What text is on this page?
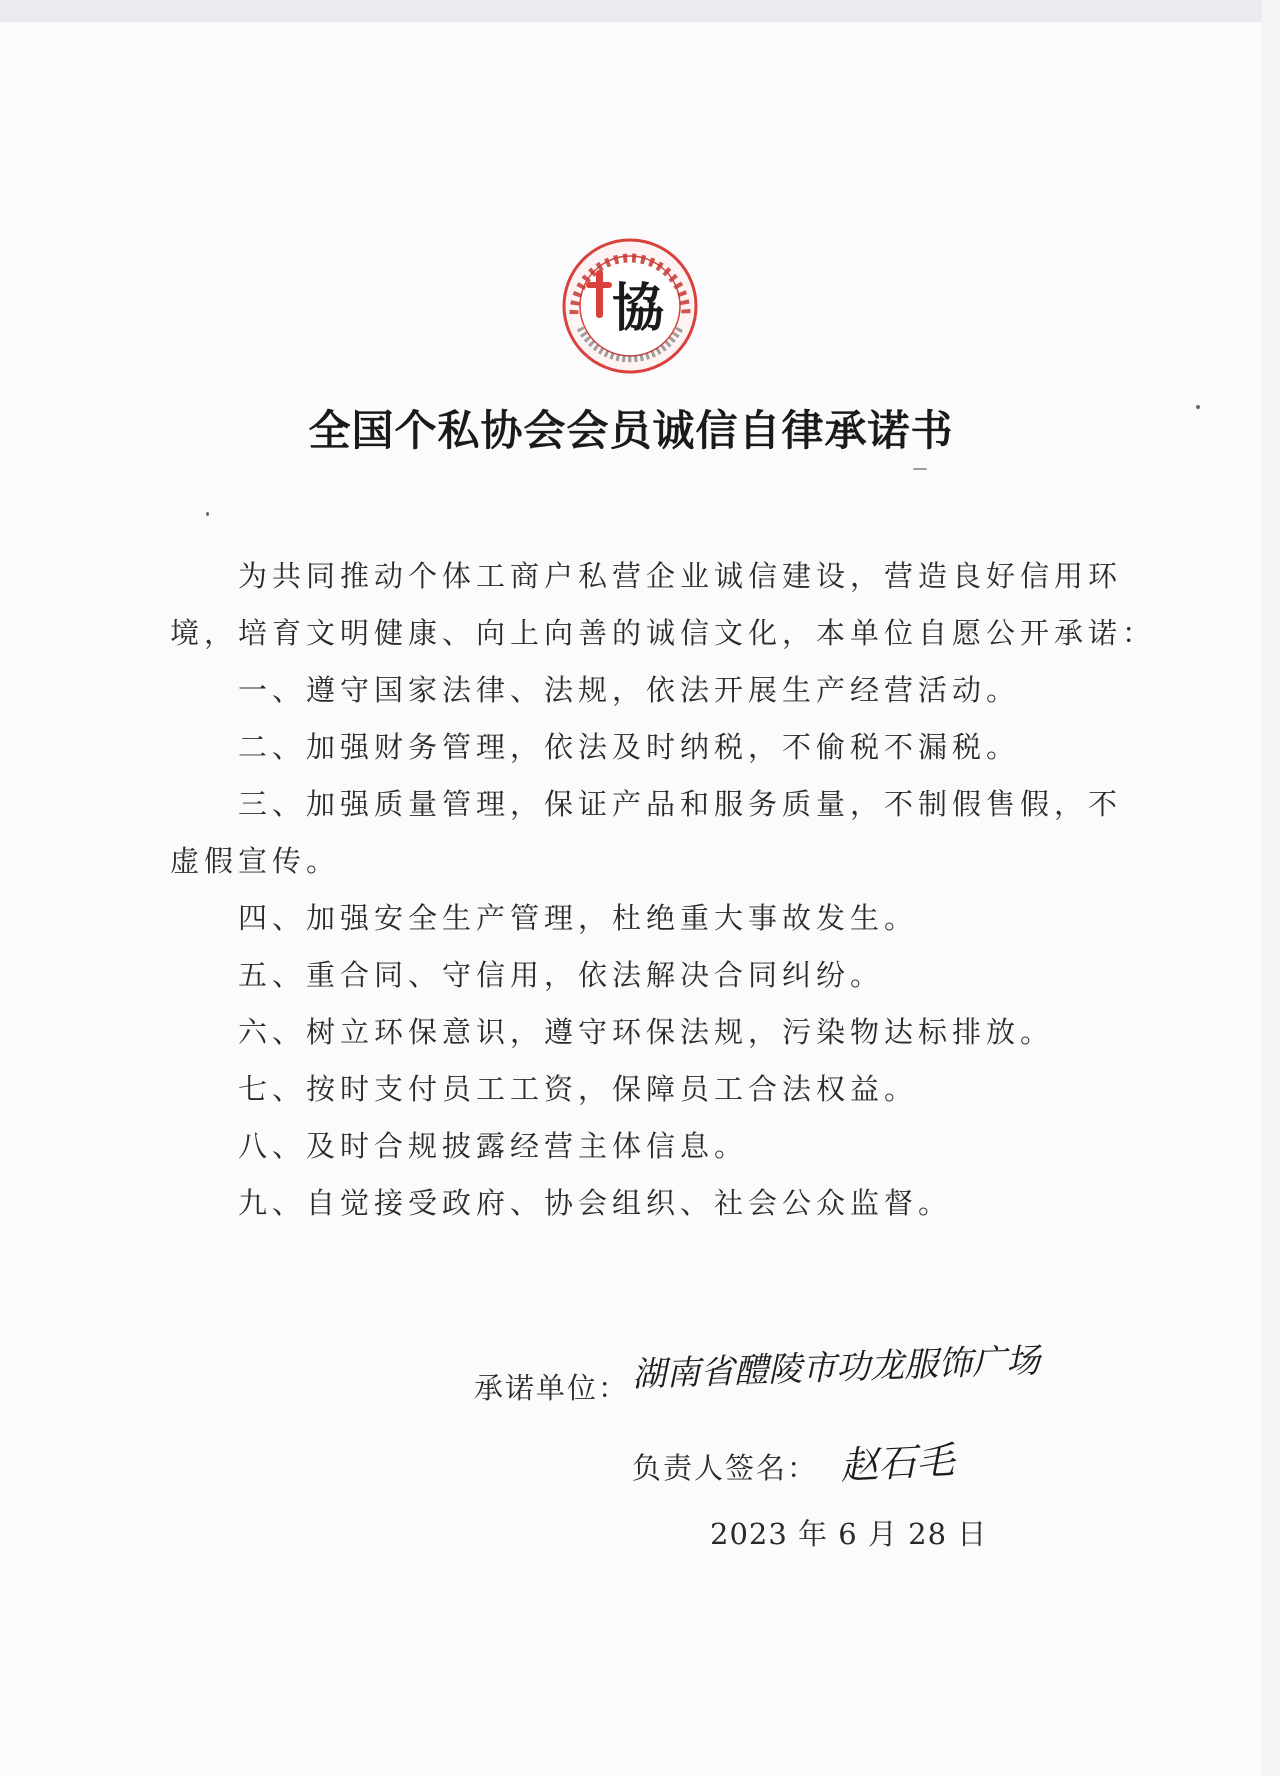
協
全国个私协会会员诚信自律承诺书
为共同推动个体工商户私营企业诚信建设，营造良好信用环
境，培育文明健康、向上向善的诚信文化，本单位自愿公开承诺：
一、遵守国家法律、法规，依法开展生产经营活动。
二、加强财务管理，依法及时纳税，不偷税不漏税。
三、加强质量管理，保证产品和服务质量，不制假售假，不
虚假宣传。
四、加强安全生产管理，杜绝重大事故发生。
五、重合同、守信用，依法解决合同纠纷。
六、树立环保意识，遵守环保法规，污染物达标排放。
七、按时支付员工工资，保障员工合法权益。
八、及时合规披露经营主体信息。
九、自觉接受政府、协会组织、社会公众监督。
承诺单位： 湖南省醴陵市功龙服饰广场
负责人签名： 赵石毛
2023 年 6 月 28 日
